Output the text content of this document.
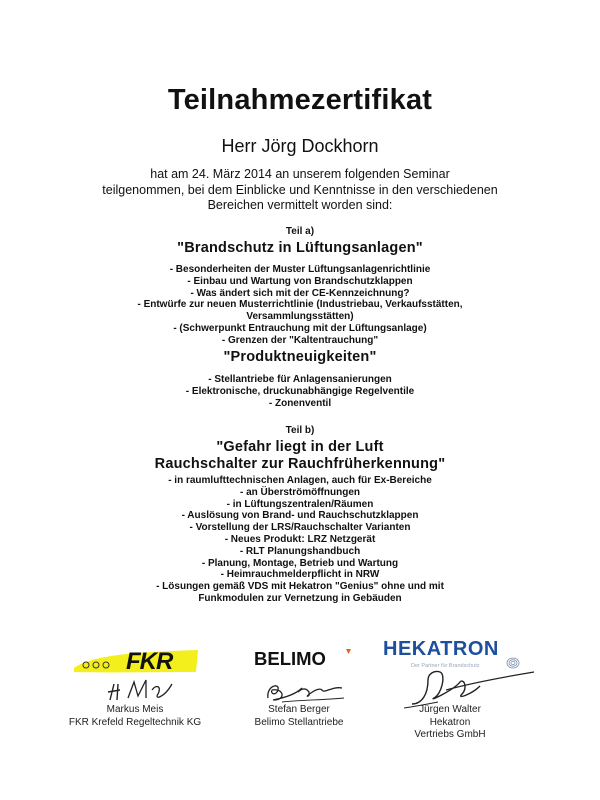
Teilnahmezertifikat
Herr Jörg Dockhorn
hat am 24. März 2014 an unserem folgenden Seminar
teilgenommen, bei dem Einblicke und Kenntnisse in den verschiedenen
Bereichen vermittelt worden sind:
Teil a)
"Brandschutz in Lüftungsanlagen"
- Besonderheiten der Muster Lüftungsanlagenrichtlinie
- Einbau und Wartung von Brandschutzklappen
- Was ändert sich mit der CE-Kennzeichnung?
- Entwürfe zur neuen Musterrichtlinie (Industriebau, Verkaufsstätten,
Versammlungsstätten)
- (Schwerpunkt Entrauchung mit der Lüftungsanlage)
- Grenzen der "Kaltentrauchung"
"Produktneuigkeiten"
- Stellantriebe für Anlagensanierungen
- Elektronische, druckunabhängige Regelventile
- Zonenventil
Teil b)
"Gefahr liegt in der Luft
Rauchschalter zur Rauchfrüherkennung"
- in raumlufttechnischen Anlagen, auch für Ex-Bereiche
- an Überströmöffnungen
- in Lüftungszentralen/Räumen
- Auslösung von Brand- und Rauchschutzklappen
- Vorstellung der LRS/Rauchschalter Varianten
- Neues Produkt: LRZ Netzgerät
- RLT Planungshandbuch
- Planung, Montage, Betrieb und Wartung
- Heimrauchmelderpflicht in NRW
- Lösungen gemäß VDS mit Hekatron "Genius" ohne und mit
Funkmodulen zur Vernetzung in Gebäuden
FKR	BELIMO	HEKATRON
Der Partner für Brandschutz
Markus Meis
FKR Krefeld Regeltechnik KG
Stefan Berger
Belimo Stellantriebe
Jürgen Walter
Hekatron
Vertriebs GmbH
